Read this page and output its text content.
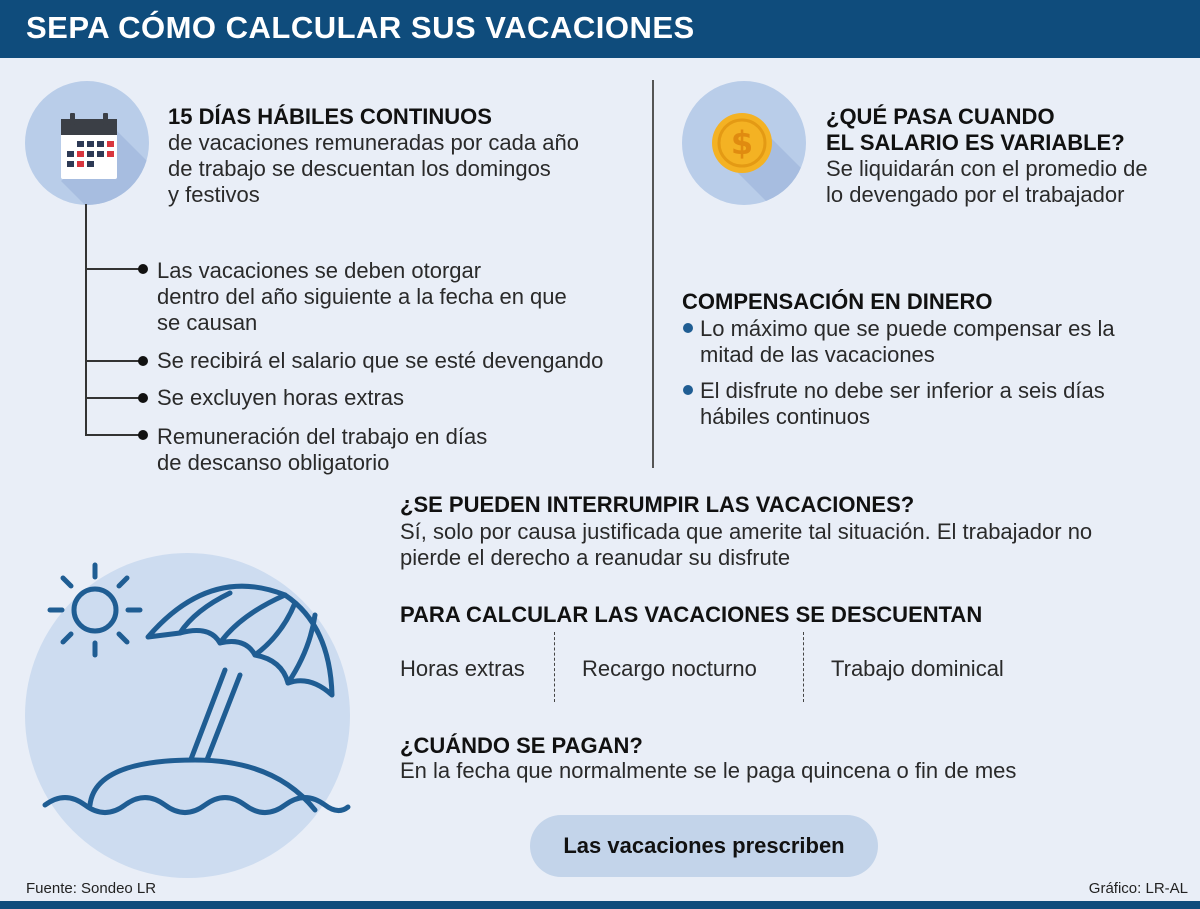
SEPA CÓMO CALCULAR SUS VACACIONES
15 DÍAS HÁBILES CONTINUOS
de vacaciones remuneradas por cada año
de trabajo se descuentan los domingos
y festivos
Las vacaciones se deben otorgar
dentro del año siguiente a la fecha en que
se causan
Se recibirá el salario que se esté devengando
Se excluyen horas extras
Remuneración del trabajo en días
de descanso obligatorio
$
¿QUÉ PASA CUANDO
EL SALARIO ES VARIABLE?
Se liquidarán con el promedio de
lo devengado por el trabajador
COMPENSACIÓN EN DINERO
Lo máximo que se puede compensar es la
mitad de las vacaciones
El disfrute no debe ser inferior a seis días
hábiles continuos
¿SE PUEDEN INTERRUMPIR LAS VACACIONES?
Sí, solo por causa justificada que amerite tal situación. El trabajador no
pierde el derecho a reanudar su disfrute
PARA CALCULAR LAS VACACIONES SE DESCUENTAN
Horas extras	Recargo nocturno	Trabajo dominical
¿CUÁNDO SE PAGAN?
En la fecha que normalmente se le paga quincena o fin de mes
Las vacaciones prescriben
Fuente: Sondeo LR	Gráfico: LR-AL
